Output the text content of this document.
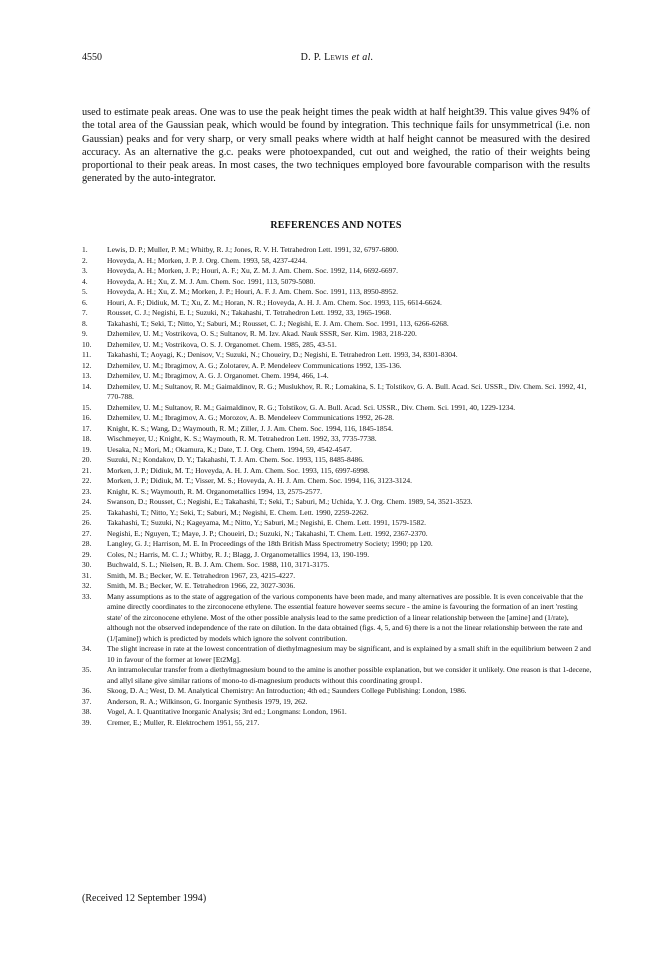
4550	D. P. Lewis et al.
used to estimate peak areas. One was to use the peak height times the peak width at half height39. This value gives 94% of the total area of the Gaussian peak, which would be found by integration. This technique fails for unsymmetrical (i.e. non Gaussian) peaks and for very sharp, or very small peaks where width at half height cannot be measured with the desired accuracy. As an alternative the g.c. peaks were photoexpanded, cut out and weighed, the ratio of their weights being proportional to their peak areas. In most cases, the two techniques employed bore favourable comparison with the results generated by the auto-integrator.
REFERENCES AND NOTES
1.	Lewis, D. P.; Muller, P. M.; Whitby, R. J.; Jones, R. V. H. Tetrahedron Lett. 1991, 32, 6797-6800.
2.	Hoveyda, A. H.; Morken, J. P. J. Org. Chem. 1993, 58, 4237-4244.
3.	Hoveyda, A. H.; Morken, J. P.; Houri, A. F.; Xu, Z. M. J. Am. Chem. Soc. 1992, 114, 6692-6697.
4.	Hoveyda, A. H.; Xu, Z. M. J. Am. Chem. Soc. 1991, 113, 5079-5080.
5.	Hoveyda, A. H.; Xu, Z. M.; Morken, J. P.; Houri, A. F. J. Am. Chem. Soc. 1991, 113, 8950-8952.
6.	Houri, A. F.; Didiuk, M. T.; Xu, Z. M.; Horan, N. R.; Hoveyda, A. H. J. Am. Chem. Soc. 1993, 115, 6614-6624.
7.	Rousset, C. J.; Negishi, E. I.; Suzuki, N.; Takahashi, T. Tetrahedron Lett. 1992, 33, 1965-1968.
8.	Takahashi, T.; Seki, T.; Nitto, Y.; Saburi, M.; Rousset, C. J.; Negishi, E. J. Am. Chem. Soc. 1991, 113, 6266-6268.
9.	Dzhemilev, U. M.; Vostrikova, O. S.; Sultanov, R. M. Izv. Akad. Nauk SSSR, Ser. Kim. 1983, 218-220.
10.	Dzhemilev, U. M.; Vostrikova, O. S. J. Organomet. Chem. 1985, 285, 43-51.
11.	Takahashi, T.; Aoyagi, K.; Denisov, V.; Suzuki, N.; Choueiry, D.; Negishi, E. Tetrahedron Lett. 1993, 34, 8301-8304.
12.	Dzhemilev, U. M.; Ibragimov, A. G.; Zolotarev, A. P. Mendeleev Communications 1992, 135-136.
13.	Dzhemilev, U. M.; Ibragimov, A. G. J. Organomet. Chem. 1994, 466, 1-4.
14.	Dzhemilev, U. M.; Sultanov, R. M.; Gaimaldinov, R. G.; Muslukhov, R. R.; Lomakina, S. I.; Tolstikov, G. A. Bull. Acad. Sci. USSR., Div. Chem. Sci. 1992, 41, 770-788.
15.	Dzhemilev, U. M.; Sultanov, R. M.; Gaimaldinov, R. G.; Tolstikov, G. A. Bull. Acad. Sci. USSR., Div. Chem. Sci. 1991, 40, 1229-1234.
16.	Dzhemilev, U. M.; Ibragimov, A. G.; Morozov, A. B. Mendeleev Communications 1992, 26-28.
17.	Knight, K. S.; Wang, D.; Waymouth, R. M.; Ziller, J. J. Am. Chem. Soc. 1994, 116, 1845-1854.
18.	Wischmeyer, U.; Knight, K. S.; Waymouth, R. M. Tetrahedron Lett. 1992, 33, 7735-7738.
19.	Uesaka, N.; Mori, M.; Okamura, K.; Date, T. J. Org. Chem. 1994, 59, 4542-4547.
20.	Suzuki, N.; Kondakov, D. Y.; Takahashi, T. J. Am. Chem. Soc. 1993, 115, 8485-8486.
21.	Morken, J. P.; Didiuk, M. T.; Hoveyda, A. H. J. Am. Chem. Soc. 1993, 115, 6997-6998.
22.	Morken, J. P.; Didiuk, M. T.; Visser, M. S.; Hoveyda, A. H. J. Am. Chem. Soc. 1994, 116, 3123-3124.
23.	Knight, K. S.; Waymouth, R. M. Organometallics 1994, 13, 2575-2577.
24.	Swanson, D.; Rousset, C.; Negishi, E.; Takahashi, T.; Seki, T.; Saburi, M.; Uchida, Y. J. Org. Chem. 1989, 54, 3521-3523.
25.	Takahashi, T.; Nitto, Y.; Seki, T.; Saburi, M.; Negishi, E. Chem. Lett. 1990, 2259-2262.
26.	Takahashi, T.; Suzuki, N.; Kageyama, M.; Nitto, Y.; Saburi, M.; Negishi, E. Chem. Lett. 1991, 1579-1582.
27.	Negishi, E.; Nguyen, T.; Maye, J. P.; Choueiri, D.; Suzuki, N.; Takahashi, T. Chem. Lett. 1992, 2367-2370.
28.	Langley, G. J.; Harrison, M. E. In Proceedings of the 18th British Mass Spectrometry Society; 1990; pp 120.
29.	Coles, N.; Harris, M. C. J.; Whitby, R. J.; Blagg, J. Organometallics 1994, 13, 190-199.
30.	Buchwald, S. L.; Nielsen, R. B. J. Am. Chem. Soc. 1988, 110, 3171-3175.
31.	Smith, M. B.; Becker, W. E. Tetrahedron 1967, 23, 4215-4227.
32.	Smith, M. B.; Becker, W. E. Tetrahedron 1966, 22, 3027-3036.
33.	Many assumptions as to the state of aggregation of the various components have been made, and many alternatives are possible. It is even conceivable that the amine directly coordinates to the zirconocene ethylene. The essential feature however seems secure - the amine is favouring the formation of an inert 'resting state' of the zirconocene ethylene. Most of the other possible analysis lead to the same prediction of a linear relationship between the [amine] and (1/rate), although not the observed independence of the rate on dilution. In the data obtained (figs. 4, 5, and 6) there is a not the linear relationship between the rate and (1/[amine]) which is predicted by models which ignore the solvent contribution.
34.	The slight increase in rate at the lowest concentration of diethylmagnesium may be significant, and is explained by a small shift in the equilibrium between 2 and 10 in favour of the former at lower [Et2Mg].
35.	An intramolecular transfer from a diethylmagnesium bound to the amine is another possible explanation, but we consider it unlikely. One reason is that 1-decene, and allyl silane give similar rations of mono-to di-magnesium products without this coordinating group1.
36.	Skoog, D. A.; West, D. M. Analytical Chemistry: An Introduction; 4th ed.; Saunders College Publishing: London, 1986.
37.	Anderson, R. A.; Wilkinson, G. Inorganic Synthesis 1979, 19, 262.
38.	Vogel, A. I. Quantitative Inorganic Analysis; 3rd ed.; Longmans: London, 1961.
39.	Cremer, E.; Muller, R. Elektrochem 1951, 55, 217.
(Received 12 September 1994)
